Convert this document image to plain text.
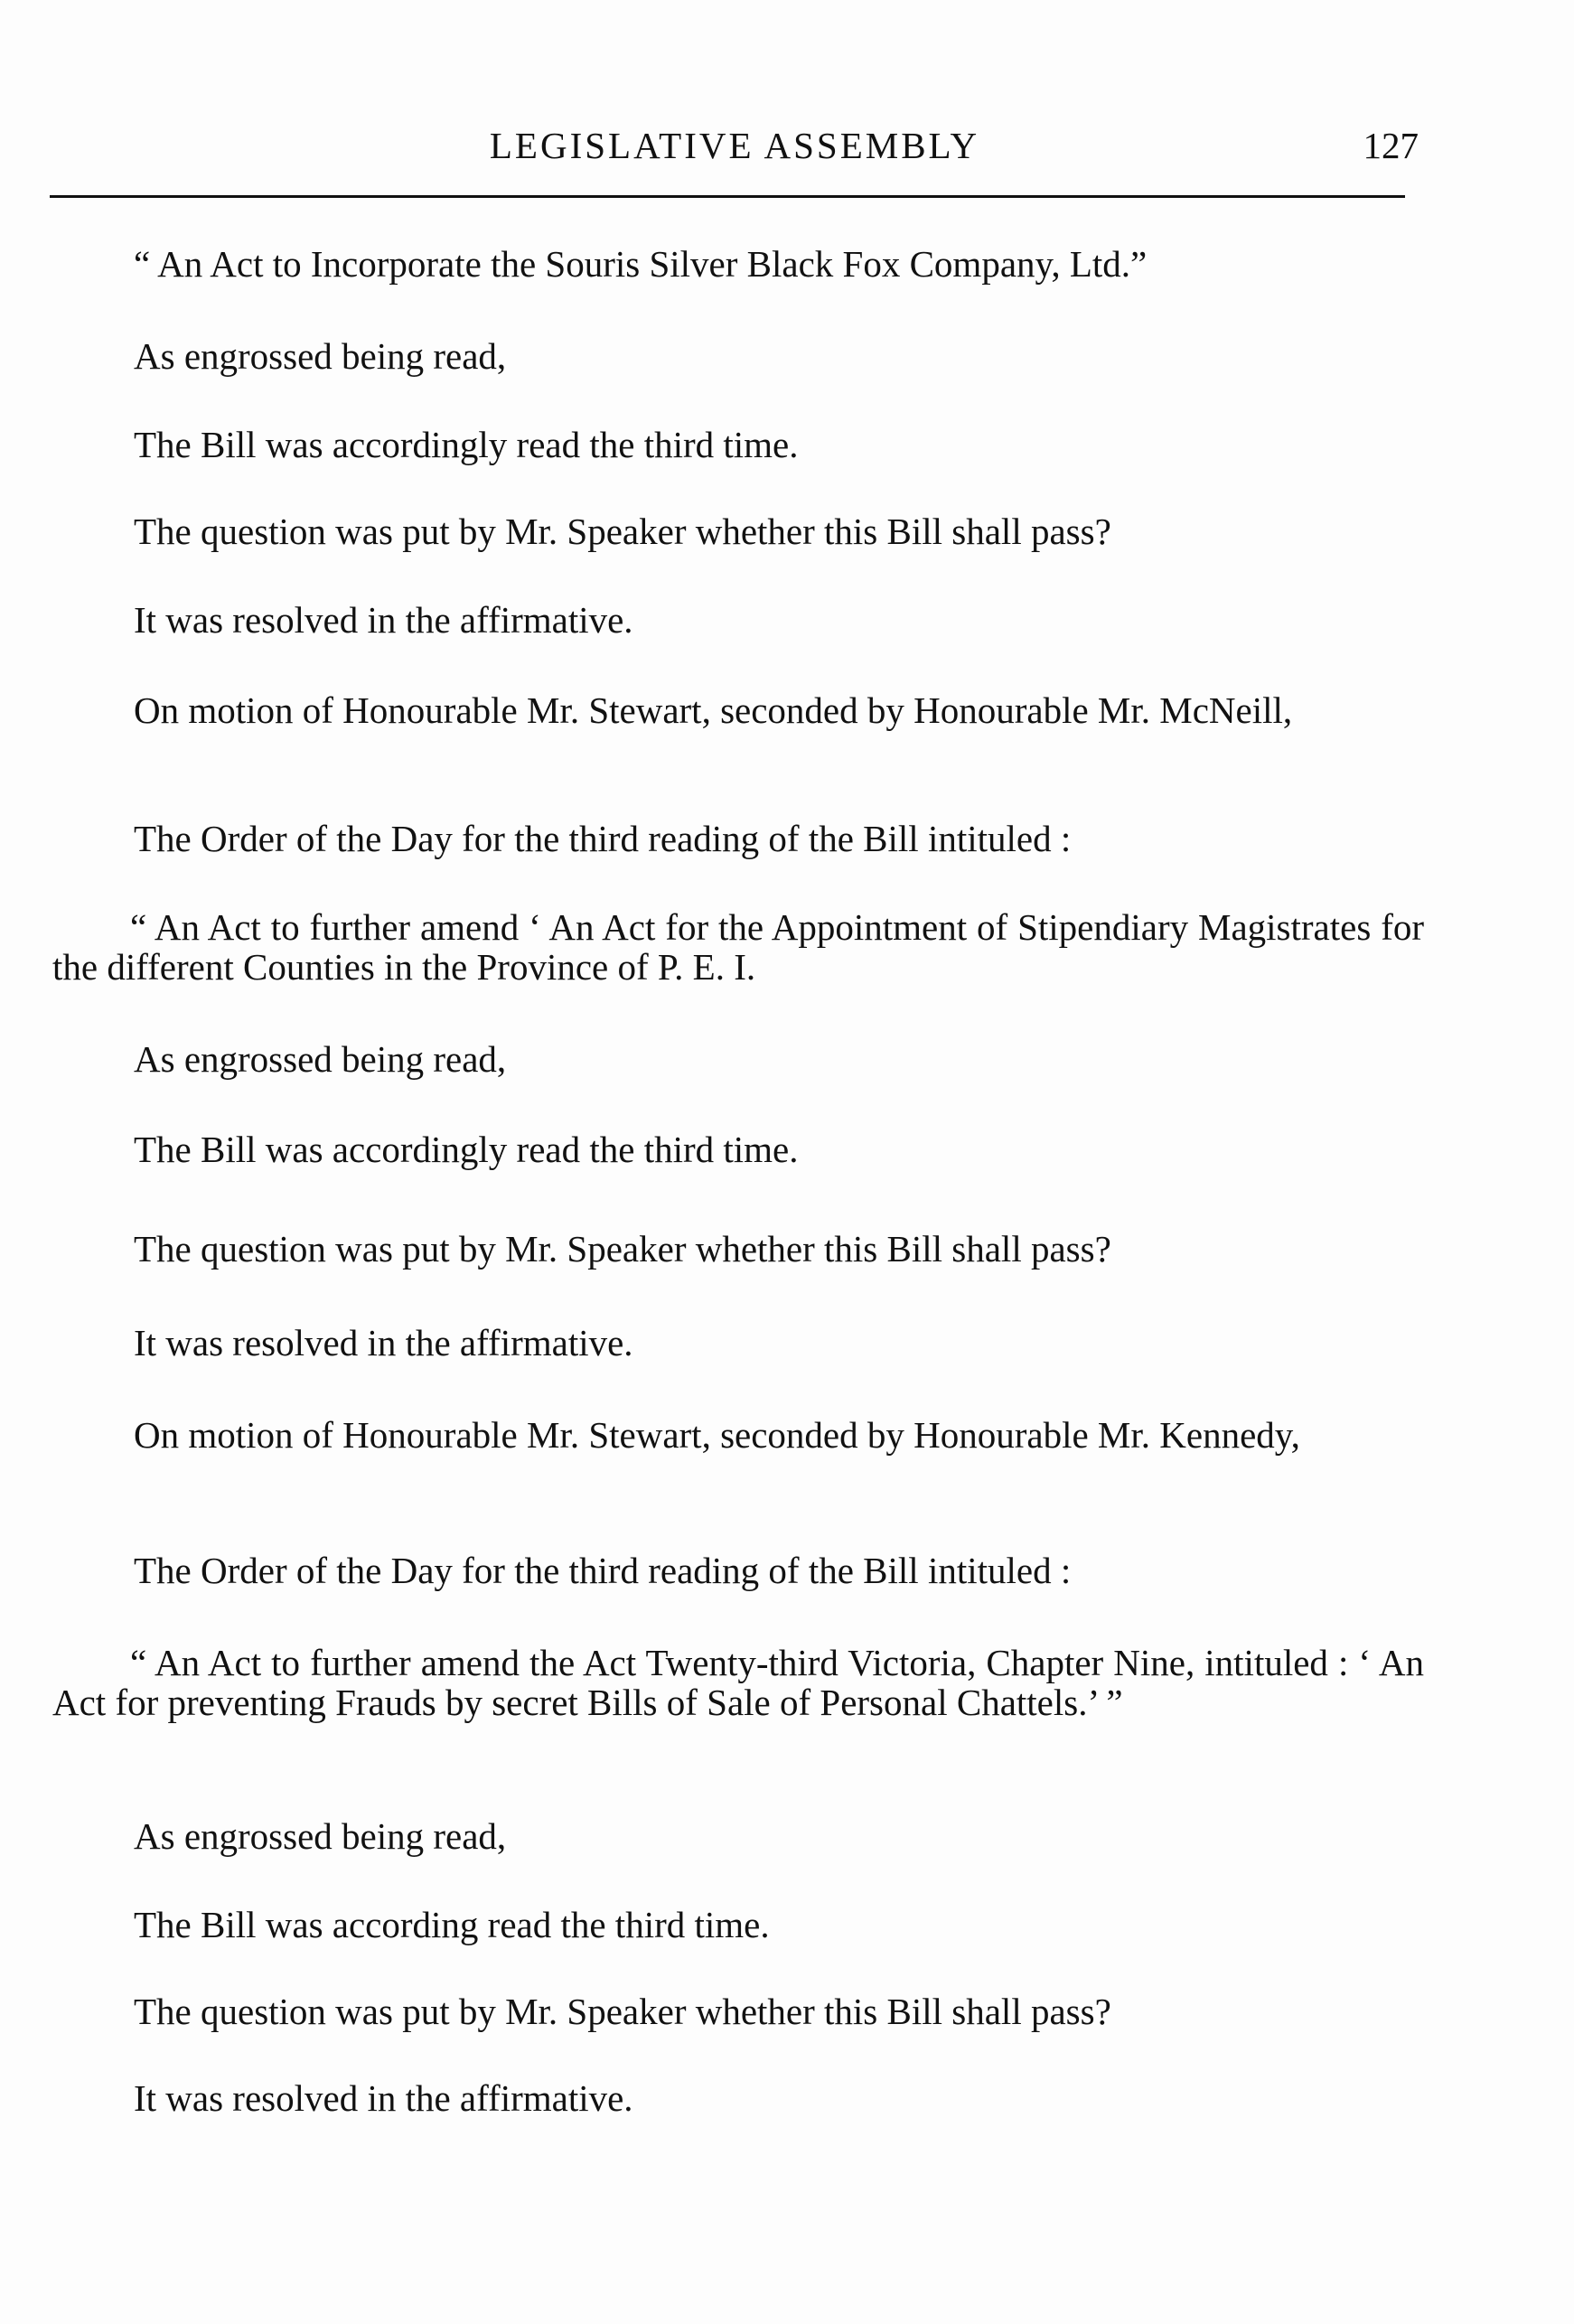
LEGISLATIVE ASSEMBLY	127

“ An Act to Incorporate the Souris Silver Black Fox Company, Ltd.”

As engrossed being read,

The Bill was accordingly read the third time.

The question was put by Mr. Speaker whether this Bill shall pass?

It was resolved in the affirmative.

On motion of Honourable Mr. Stewart, seconded by Honourable Mr. McNeill,

The Order of the Day for the third reading of the Bill intituled :

“ An Act to further amend ‘ An Act for the Appointment of Stipendiary Magistrates for the different Counties in the Province of P. E. I.

As engrossed being read,

The Bill was accordingly read the third time.

The question was put by Mr. Speaker whether this Bill shall pass?

It was resolved in the affirmative.

On motion of Honourable Mr. Stewart, seconded by Honourable Mr. Kennedy,

The Order of the Day for the third reading of the Bill intituled :

“ An Act to further amend the Act Twenty-third Victoria, Chapter Nine, intituled : ‘ An Act for preventing Frauds by secret Bills of Sale of Personal Chattels.’ ”

As engrossed being read,

The Bill was according read the third time.

The question was put by Mr. Speaker whether this Bill shall pass?

It was resolved in the affirmative.
